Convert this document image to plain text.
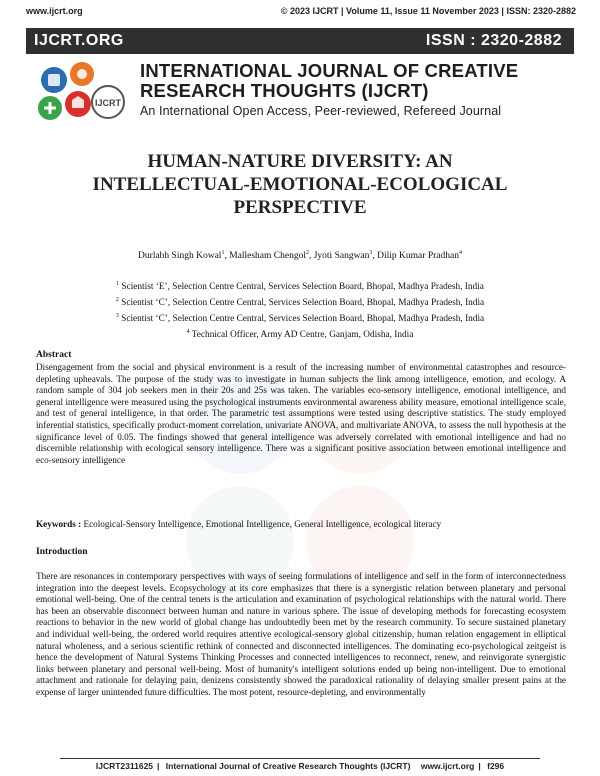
www.ijcrt.org	© 2023 IJCRT | Volume 11, Issue 11 November 2023 | ISSN: 2320-2882
IJCRT.ORG	ISSN : 2320-2882
IJCRT
INTERNATIONAL JOURNAL OF CREATIVE
RESEARCH THOUGHTS (IJCRT)
An International Open Access, Peer-reviewed, Refereed Journal
HUMAN-NATURE DIVERSITY: AN
INTELLECTUAL-EMOTIONAL-ECOLOGICAL
PERSPECTIVE
Durlabh Singh Kowal$^1$, Mallesham Chengol$^2$, Jyoti Sangwan$^3$, Dilip Kumar Pradhan$^4$
$^1$ Scientist ‘E’, Selection Centre Central, Services Selection Board, Bhopal, Madhya Pradesh, India
$^2$ Scientist ‘C’, Selection Centre Central, Services Selection Board, Bhopal, Madhya Pradesh, India
$^3$ Scientist ‘C’, Selection Centre Central, Services Selection Board, Bhopal, Madhya Pradesh, India
$^4$ Technical Officer, Army AD Centre, Ganjam, Odisha, India
Abstract
Disengagement from the social and physical environment is a result of the increasing number of environmental catastrophes and resource-depleting upheavals. The purpose of the study was to investigate in human subjects the link among intelligence, emotion, and ecology. A random sample of 304 job seekers men in their 20s and 25s was taken. The variables eco-sensory intelligence, emotional intelligence, and general intelligence were measured using the psychological instruments environmental awareness ability measure, emotional intelligence scale, and test of general intelligence, in that order. The parametric test assumptions were tested using descriptive statistics. The study employed inferential statistics, specifically product-moment correlation, univariate ANOVA, and multivariate ANOVA, to assess the null hypothesis at the significance level of 0.05. The findings showed that general intelligence was adversely correlated with emotional intelligence and had no discernible relationship with ecological sensory intelligence. There was a significant positive association between emotional intelligence and eco-sensory intelligence
Keywords : Ecological-Sensory Intelligence, Emotional Intelligence, General Intelligence, ecological literacy
Introduction
There are resonances in contemporary perspectives with ways of seeing formulations of intelligence and self in the form of interconnectedness integration into the deepest levels. Ecopsychology at its core emphasizes that there is a synergistic relation between planetary and personal emotional well-being. One of the central tenets is the articulation and examination of psychological relationships with the natural world. There has been an observable disconnect between human and nature in various sphere. The issue of developing methods for forecasting ecosystem reactions to behavior in the new world of global change has undoubtedly been met by the research community. To secure sustained planetary and individual well-being, the ordered world requires attentive ecological-sensory global citizenship, human relation engagement in elliptical natural wholeness, and a serious scientific rethink of connected and disconnected intelligences. The dominating eco-psychological zeitgeist is hence the development of Natural Systems Thinking Processes and connected intelligences to reconnect, renew, and reinvigorate synergistic links between planetary and personal well-being. Most of humanity's intelligent solutions ended up being non-intelligent. Due to emotional attachment and rationale for delaying pain, denizens consistently showed the paradoxical rationality of delaying smaller present pains at the expense of larger unintended future difficulties. The most potent, resource-depleting, and environmentally
IJCRT2311625 | International Journal of Creative Research Thoughts (IJCRT) www.ijcrt.org | f296
